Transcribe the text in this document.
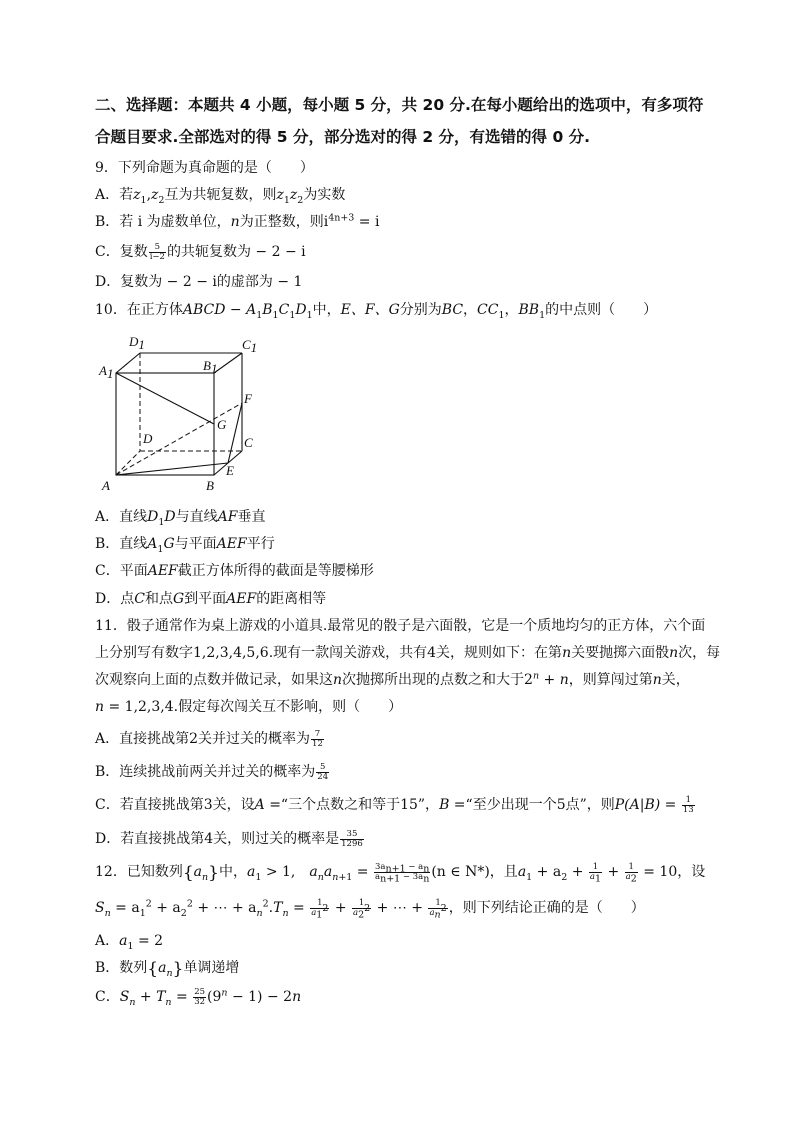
二、选择题：本题共 4 小题，每小题 5 分，共 20 分.在每小题给出的选项中，有多项符
合题目要求.全部选对的得 5 分，部分选对的得 2 分，有选错的得 0 分.
9．下列命题为真命题的是（　　）
A．若$z_1,z_2$互为共轭复数，则$z_1z_2$为实数
B．若 i 为虚数单位，n为正整数，则$i^{4n+3} = i$
C．复数 $\frac{5}{i-2}$ 的共轭复数为 − 2 − i
D．复数为 − 2 − i的虚部为 − 1
10．在正方体ABCD − $A_1B_1C_1D_1$中，E、F、G分别为BC，$CC_1$，$BB_1$的中点则（　　）
D1	C1
A1
B1
F
G
D	C
E
A	B
A．直线$D_1D$与直线AF垂直
B．直线$A_1G$与平面AEF平行
C．平面AEF截正方体所得的截面是等腰梯形
D．点C和点G到平面AEF的距离相等
11．骰子通常作为桌上游戏的小道具.最常见的骰子是六面骰，它是一个质地均匀的正方体，六个面
上分别写有数字1,2,3,4,5,6.现有一款闯关游戏，共有4关，规则如下：在第n关要抛掷六面骰n次，每
次观察向上面的点数并做记录，如果这n次抛掷所出现的点数之和大于$2^n + n$，则算闯过第n关，
n = 1,2,3,4.假定每次闯关互不影响，则（　　）
A．直接挑战第2关并过关的概率为 $\frac{7}{12}$
B．连续挑战前两关并过关的概率为 $\frac{5}{24}$
C．若直接挑战第3关，设A =“三个点数之和等于15”，B =“至少出现一个5点”，则$P(A|B) = \frac{1}{13}$
D．若直接挑战第4关，则过关的概率是 $\frac{35}{1296}$
12．已知数列$\{a_n\}$中，$a_1 > 1$,　$a_na_{n+1} = \frac{3a_{n+1} - a_n}{a_{n+1} - 3a_n} (n$ ∈ N*)，且$a_1 + a_2 + \frac{1}{a_1} + \frac{1}{a_2} = 10$，设
$S_n = a_1^2 + a_2^2$ + ⋯ + $a_n^2.T_n = \frac{1}{a_1^2} + \frac{1}{a_2^2}$ + ⋯ + $\frac{1}{a_n^2}$ ，则下列结论正确的是（　　）
A．$a_1 = 2$
B．数列$\{a_n\}$单调递增
C．$S_n + T_n = \frac{25}{32} (9^n - 1) - 2n$
